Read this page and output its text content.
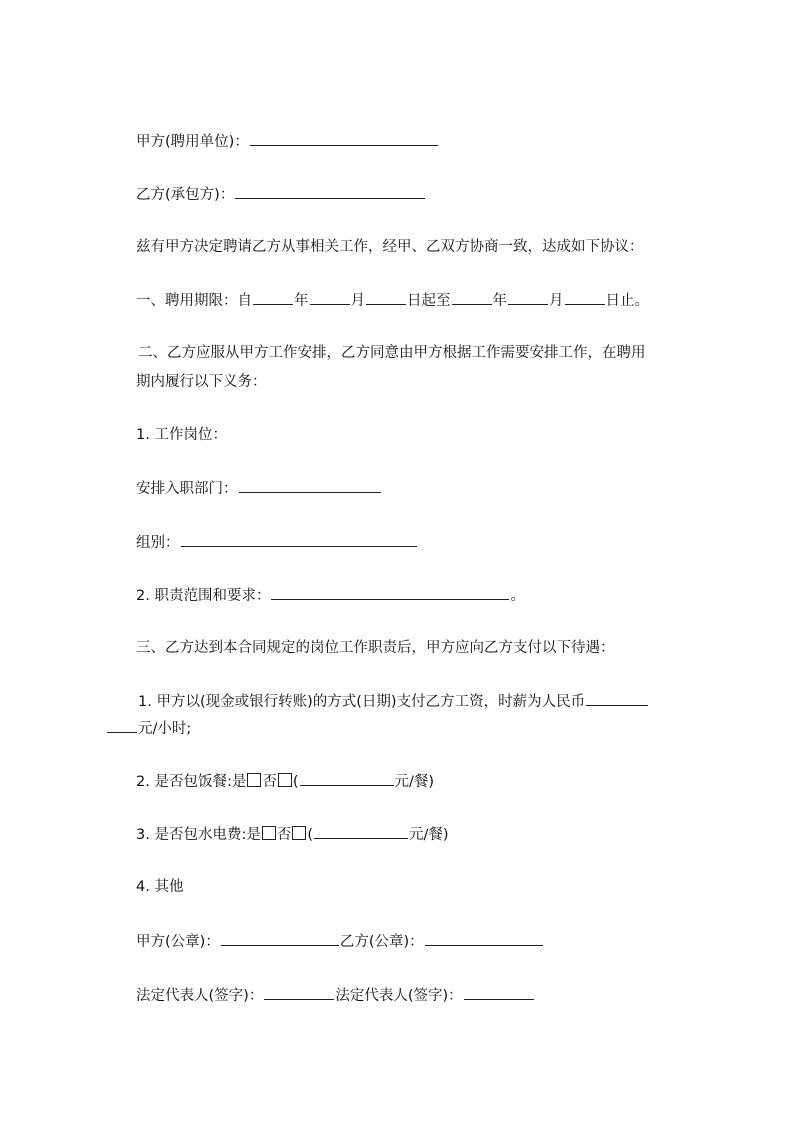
甲方(聘用单位)：
乙方(承包方)：
兹有甲方决定聘请乙方从事相关工作，经甲、乙双方协商一致，达成如下协议：
一、聘用期限：自	年	月	日起至	年	月	日止。
二、乙方应服从甲方工作安排，乙方同意由甲方根据工作需要安排工作，在聘用
期内履行以下义务：
1. 工作岗位：
安排入职部门：
组别：
2. 职责范围和要求：	。
三、乙方达到本合同规定的岗位工作职责后，甲方应向乙方支付以下待遇：
1. 甲方以(现金或银行转账)的方式(日期)支付乙方工资，时薪为人民币
元/小时;
2. 是否包饭餐:是 否 (	元/餐)
3. 是否包水电费:是 否 (	元/餐)
4. 其他
甲方(公章)：	乙方(公章)：
法定代表人(签字)：	法定代表人(签字)：
